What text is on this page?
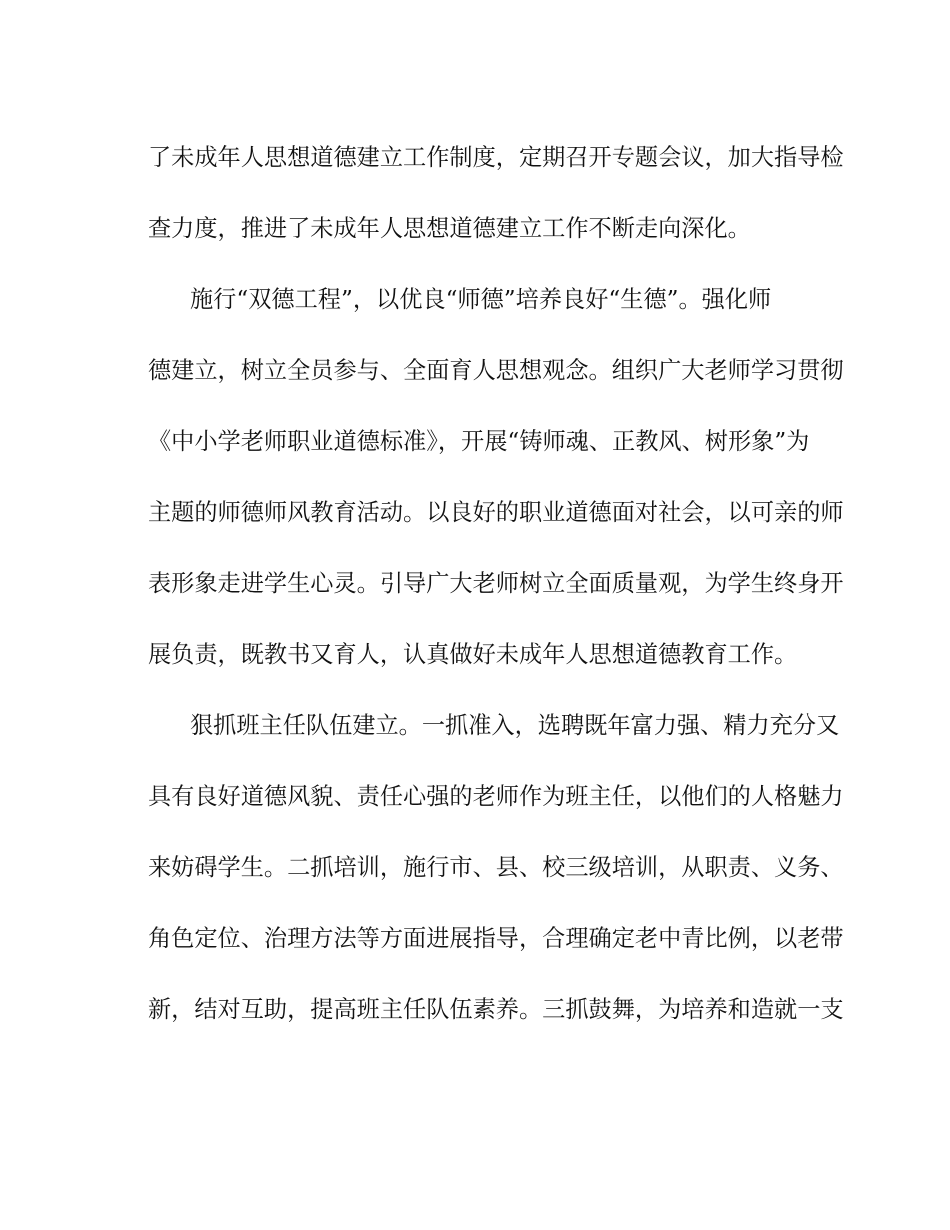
了未成年人思想道德建立工作制度，定期召开专题会议，加大指导检
查力度，推进了未成年人思想道德建立工作不断走向深化。
施行“双德工程”，以优良“师德”培养良好“生德”。强化师
德建立，树立全员参与、全面育人思想观念。组织广大老师学习贯彻
《中小学老师职业道德标准》，开展“铸师魂、正教风、树形象”为
主题的师德师风教育活动。以良好的职业道德面对社会，以可亲的师
表形象走进学生心灵。引导广大老师树立全面质量观，为学生终身开
展负责，既教书又育人，认真做好未成年人思想道德教育工作。
狠抓班主任队伍建立。一抓准入，选聘既年富力强、精力充分又
具有良好道德风貌、责任心强的老师作为班主任，以他们的人格魅力
来妨碍学生。二抓培训，施行市、县、校三级培训，从职责、义务、
角色定位、治理方法等方面进展指导，合理确定老中青比例，以老带
新，结对互助，提高班主任队伍素养。三抓鼓舞，为培养和造就一支
